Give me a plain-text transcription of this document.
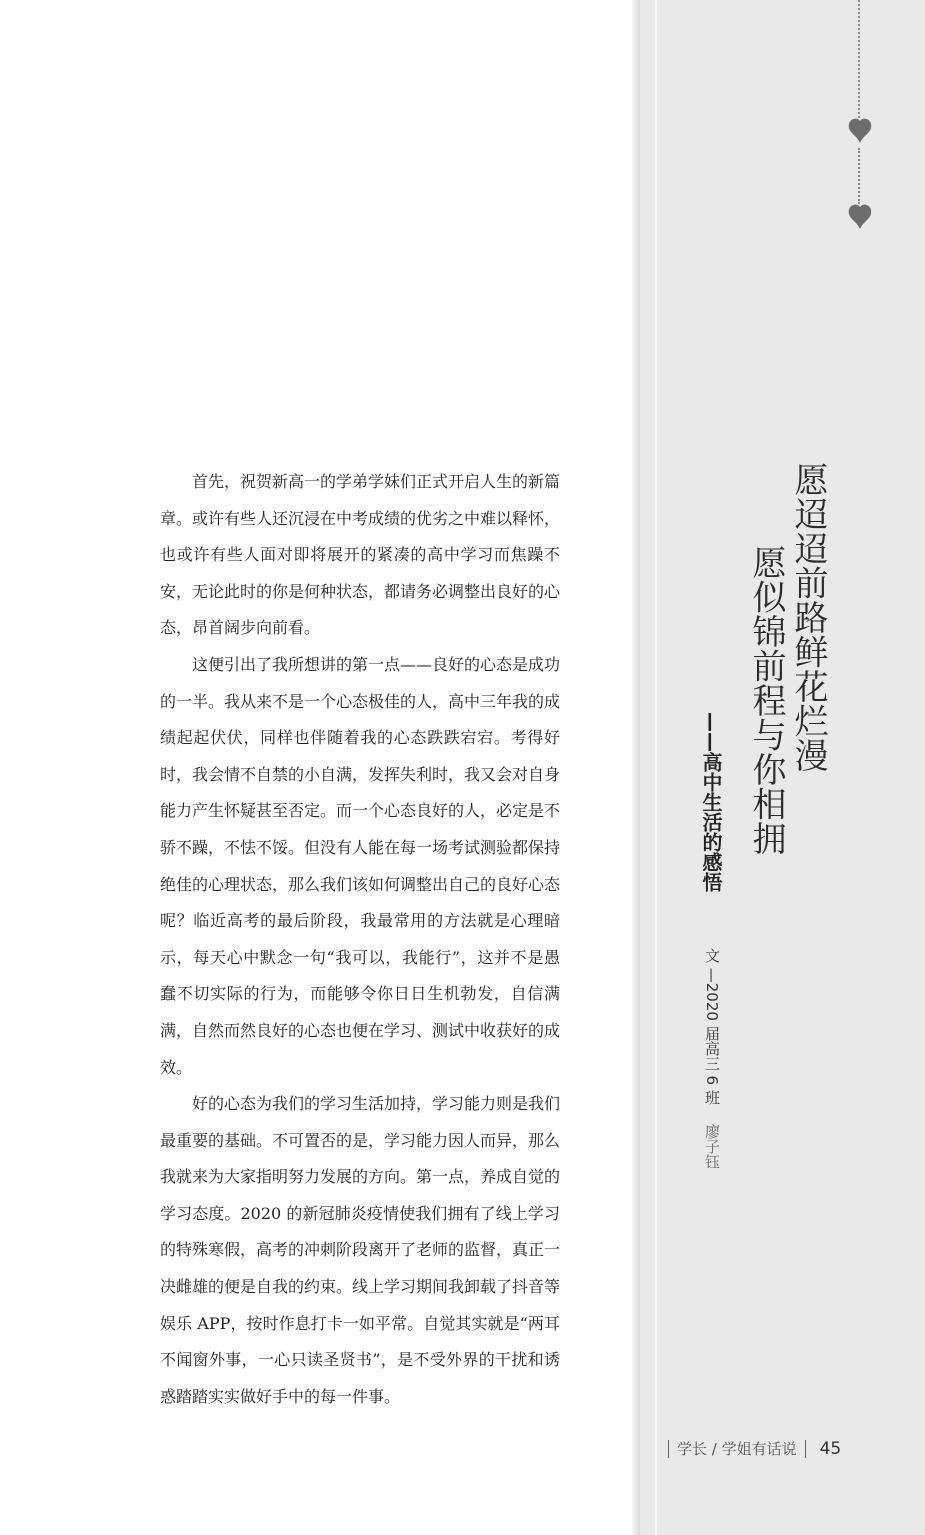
愿迢迢前路鲜花烂漫
愿似锦前程与你相拥
——高中生活的感悟
文 —2020 届高三 6 班 廖子钰

首先，祝贺新高一的学弟学妹们正式开启人生的新篇章。或许有些人还沉浸在中考成绩的优劣之中难以释怀，也或许有些人面对即将展开的紧凑的高中学习而焦躁不安，无论此时的你是何种状态，都请务必调整出良好的心态，昂首阔步向前看。

这便引出了我所想讲的第一点——良好的心态是成功的一半。我从来不是一个心态极佳的人，高中三年我的成绩起起伏伏，同样也伴随着我的心态跌跌宕宕。考得好时，我会情不自禁的小自满，发挥失利时，我又会对自身能力产生怀疑甚至否定。而一个心态良好的人，必定是不骄不躁，不怯不馁。但没有人能在每一场考试测验都保持绝佳的心理状态，那么我们该如何调整出自己的良好心态呢？临近高考的最后阶段，我最常用的方法就是心理暗示，每天心中默念一句“我可以，我能行”，这并不是愚蠢不切实际的行为，而能够令你日日生机勃发，自信满满，自然而然良好的心态也便在学习、测试中收获好的成效。

好的心态为我们的学习生活加持，学习能力则是我们最重要的基础。不可置否的是，学习能力因人而异，那么我就来为大家指明努力发展的方向。第一点，养成自觉的学习态度。2020 的新冠肺炎疫情使我们拥有了线上学习的特殊寒假，高考的冲刺阶段离开了老师的监督，真正一决雌雄的便是自我的约束。线上学习期间我卸载了抖音等娱乐 APP，按时作息打卡一如平常。自觉其实就是“两耳不闻窗外事，一心只读圣贤书”，是不受外界的干扰和诱惑踏踏实实做好手中的每一件事。

学长 / 学姐有话说 45
